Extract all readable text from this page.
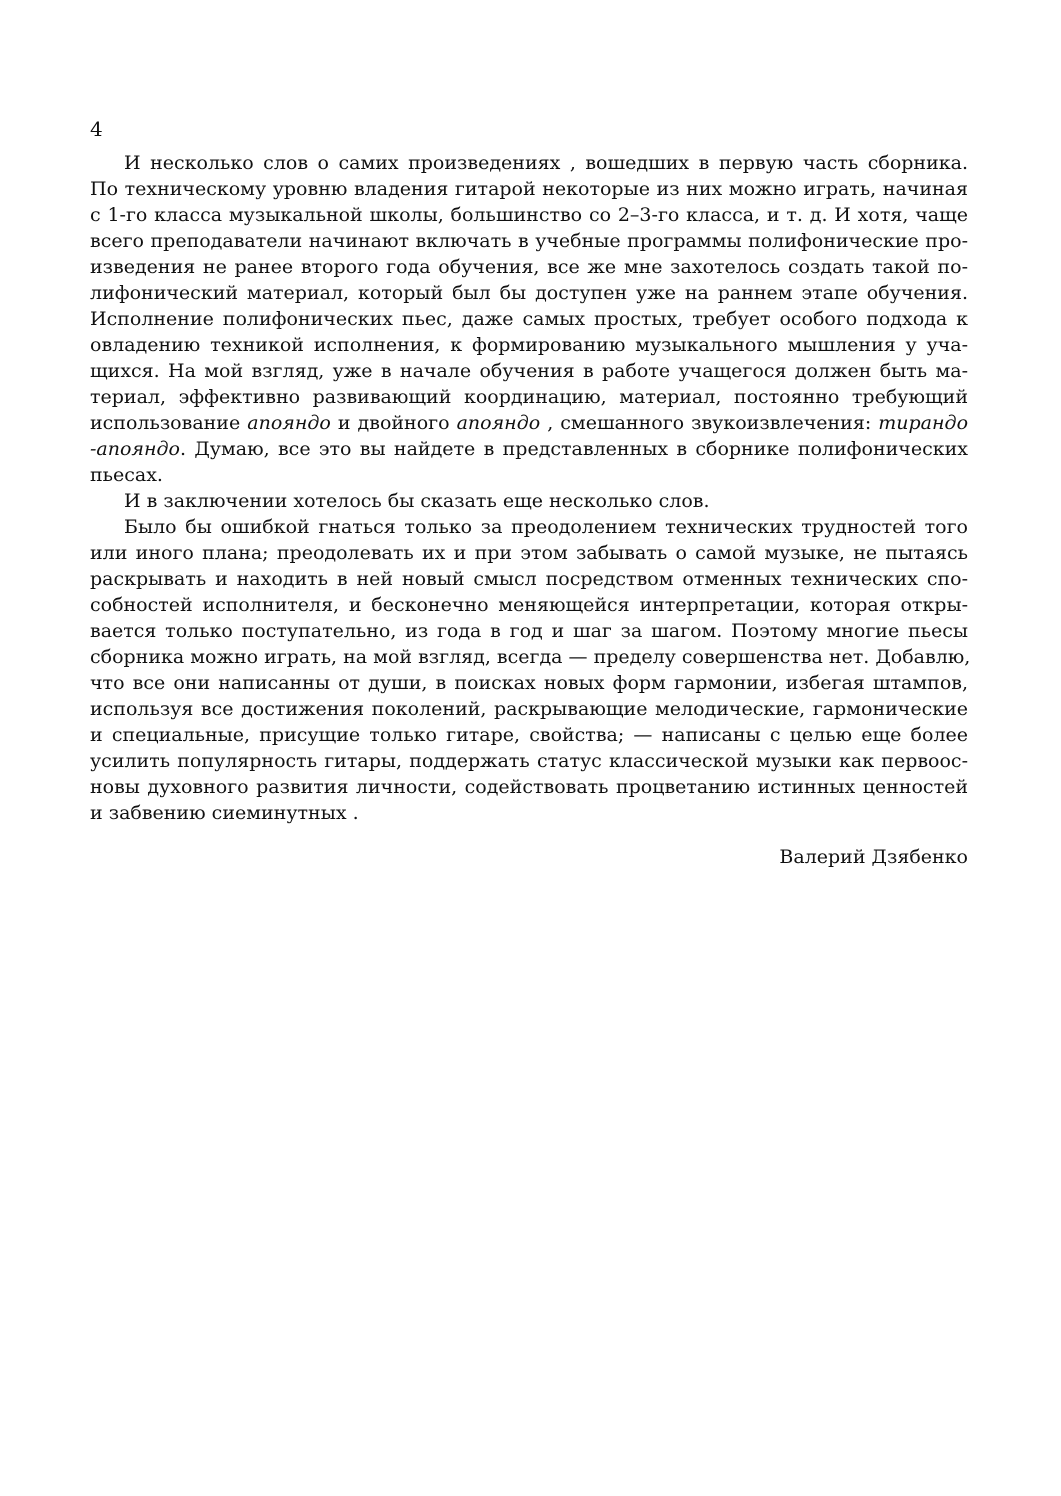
4
И несколько слов о самих произведениях , вошедших в первую часть сборника.
По техническому уровню владения гитарой некоторые из них можно играть, начиная
с 1-го класса музыкальной школы, большинство со 2–3-го класса, и т. д. И хотя, чаще
всего преподаватели начинают включать в учебные программы полифонические про-
изведения не ранее второго года обучения, все же мне захотелось создать такой по-
лифонический материал, который был бы доступен уже на раннем этапе обучения.
Исполнение полифонических пьес, даже самых простых, требует особого подхода к
овладению техникой исполнения, к формированию музыкального мышления у уча-
щихся. На мой взгляд, уже в начале обучения в работе учащегося должен быть ма-
териал, эффективно развивающий координацию, материал, постоянно требующий
использование апояндо и двойного апояндо , смешанного звукоизвлечения: тирандо
-апояндо. Думаю, все это вы найдете в представленных в сборнике полифонических
пьесах.
И в заключении хотелось бы сказать еще несколько слов.
Было бы ошибкой гнаться только за преодолением технических трудностей того
или иного плана; преодолевать их и при этом забывать о самой музыке, не пытаясь
раскрывать и находить в ней новый смысл посредством отменных технических спо-
собностей исполнителя, и бесконечно меняющейся интерпретации, которая откры-
вается только поступательно, из года в год и шаг за шагом. Поэтому многие пьесы
сборника можно играть, на мой взгляд, всегда — пределу совершенства нет. Добавлю,
что все они написанны от души, в поисках новых форм гармонии, избегая штампов,
используя все достижения поколений, раскрывающие мелодические, гармонические
и специальные, присущие только гитаре, свойства; — написаны с целью еще более
усилить популярность гитары, поддержать статус классической музыки как первоос-
новы духовного развития личности, содействовать процветанию истинных ценностей
и забвению сиеминутных .
Валерий Дзябенко
